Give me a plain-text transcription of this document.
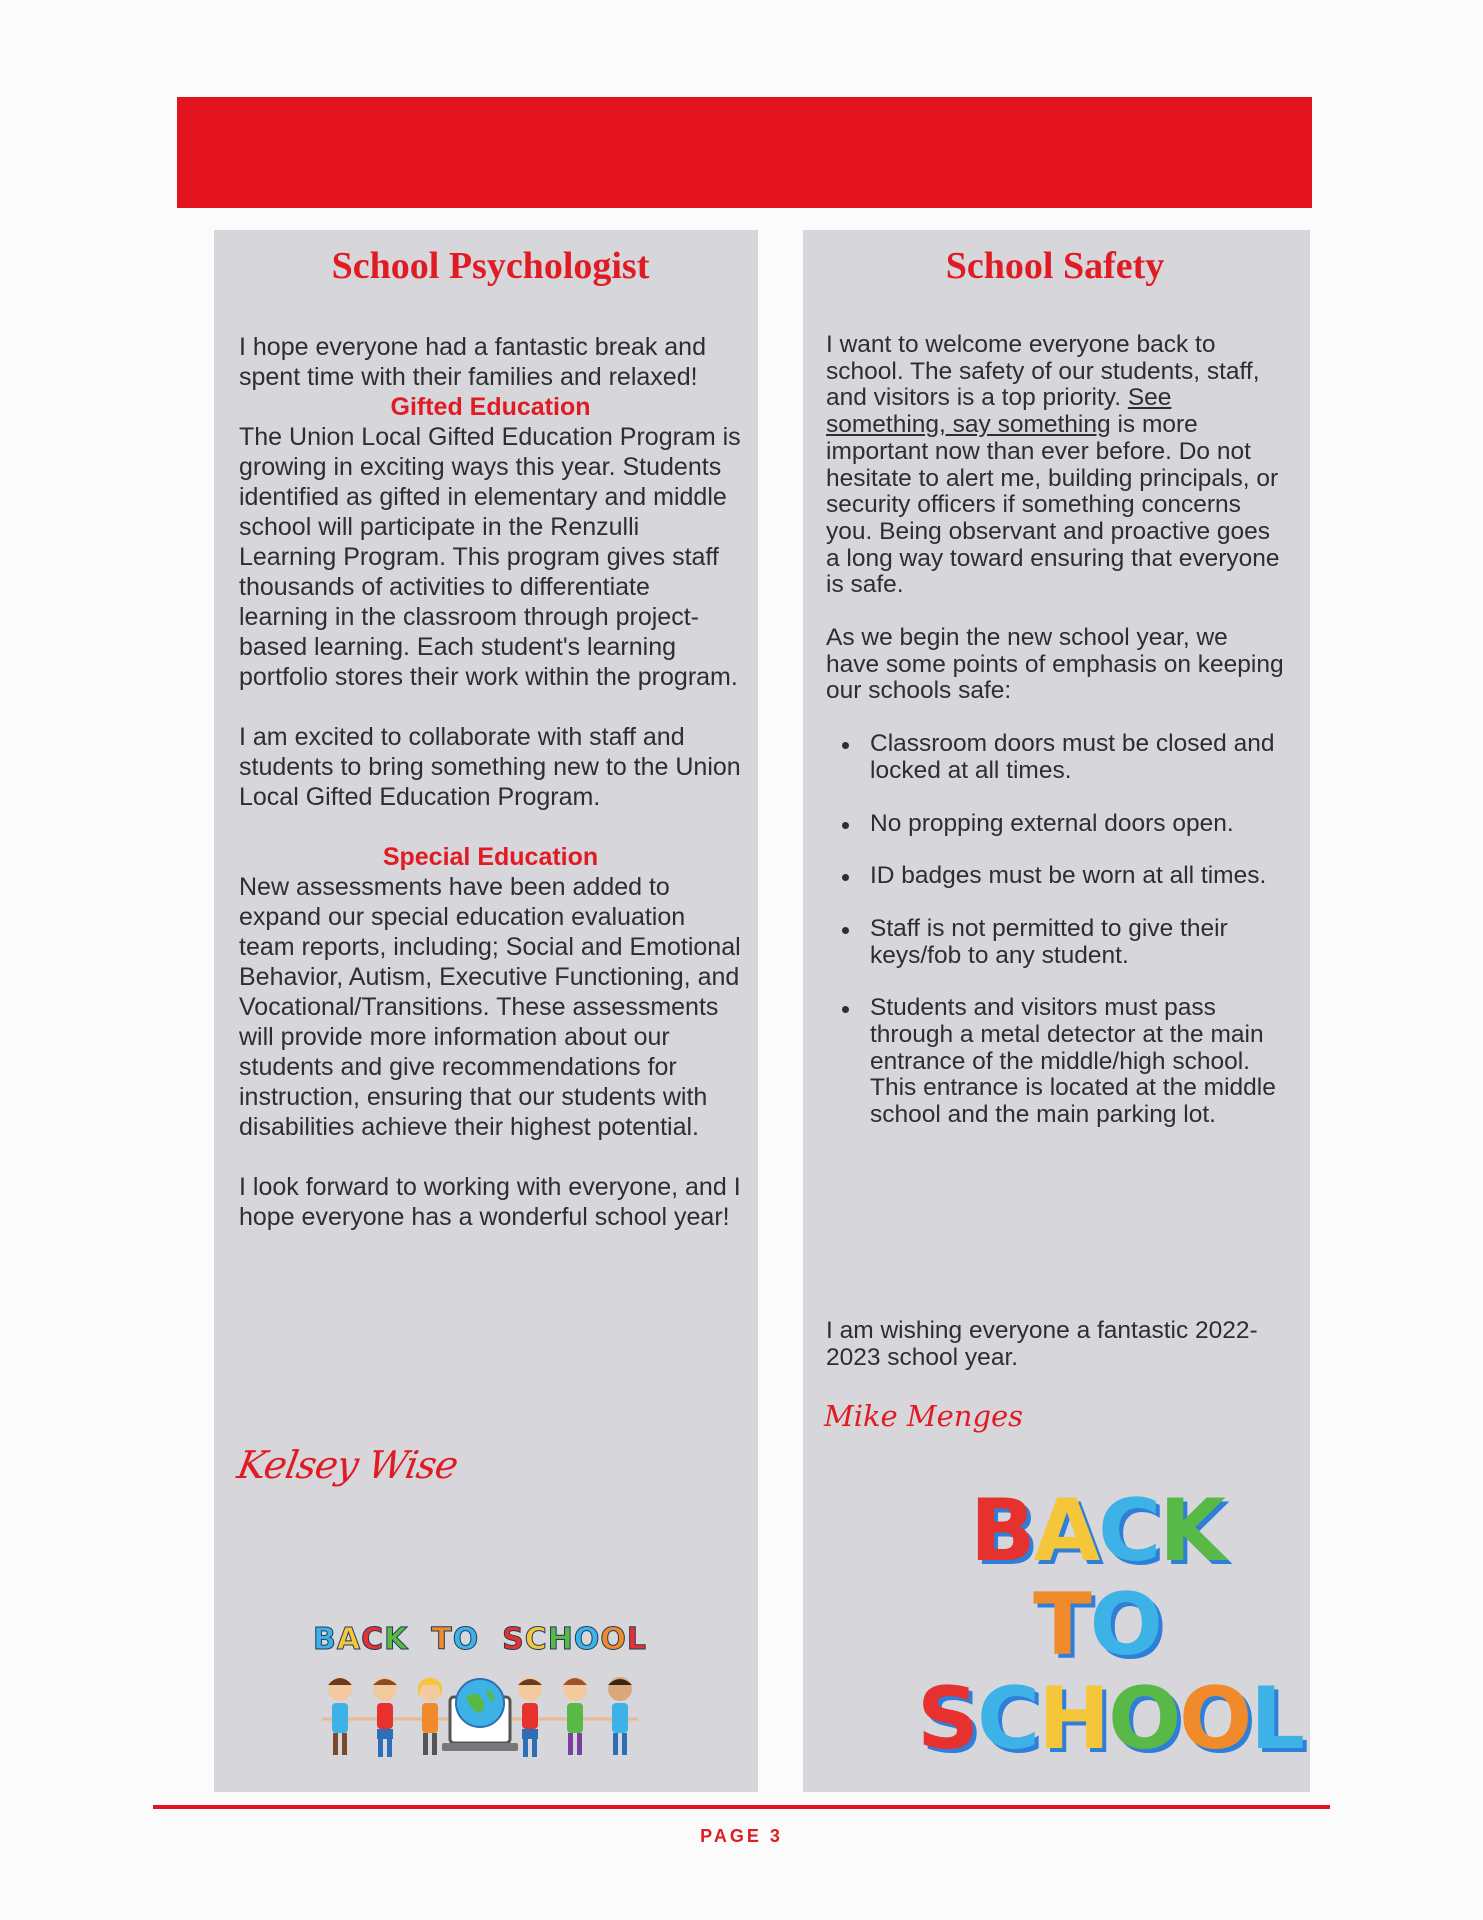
School Psychologist

I hope everyone had a fantastic break and spent time with their families and relaxed!

Gifted Education

The Union Local Gifted Education Program is growing in exciting ways this year. Students identified as gifted in elementary and middle school will participate in the Renzulli Learning Program. This program gives staff thousands of activities to differentiate learning in the classroom through project-based learning. Each student's learning portfolio stores their work within the program.

I am excited to collaborate with staff and students to bring something new to the Union Local Gifted Education Program.

Special Education

New assessments have been added to expand our special education evaluation team reports, including; Social and Emotional Behavior, Autism, Executive Functioning, and Vocational/Transitions. These assessments will provide more information about our students and give recommendations for instruction, ensuring that our students with disabilities achieve their highest potential.

I look forward to working with everyone, and I hope everyone has a wonderful school year!

Kelsey Wise
BACK  TO  SCHOOL
School Safety

I want to welcome everyone back to school. The safety of our students, staff, and visitors is a top priority. See something, say something is more important now than ever before. Do not hesitate to alert me, building principals, or security officers if something concerns you. Being observant and proactive goes a long way toward ensuring that everyone is safe.

As we begin the new school year, we have some points of emphasis on keeping our schools safe:

Classroom doors must be closed and locked at all times.
No propping external doors open.
ID badges must be worn at all times.
Staff is not permitted to give their keys/fob to any student.
Students and visitors must pass through a metal detector at the main entrance of the middle/high school. This entrance is located at the middle school and the main parking lot.

I am wishing everyone a fantastic 2022-2023 school year.

Mike Menges
BACK
TO
SCHOOL
PAGE 3
